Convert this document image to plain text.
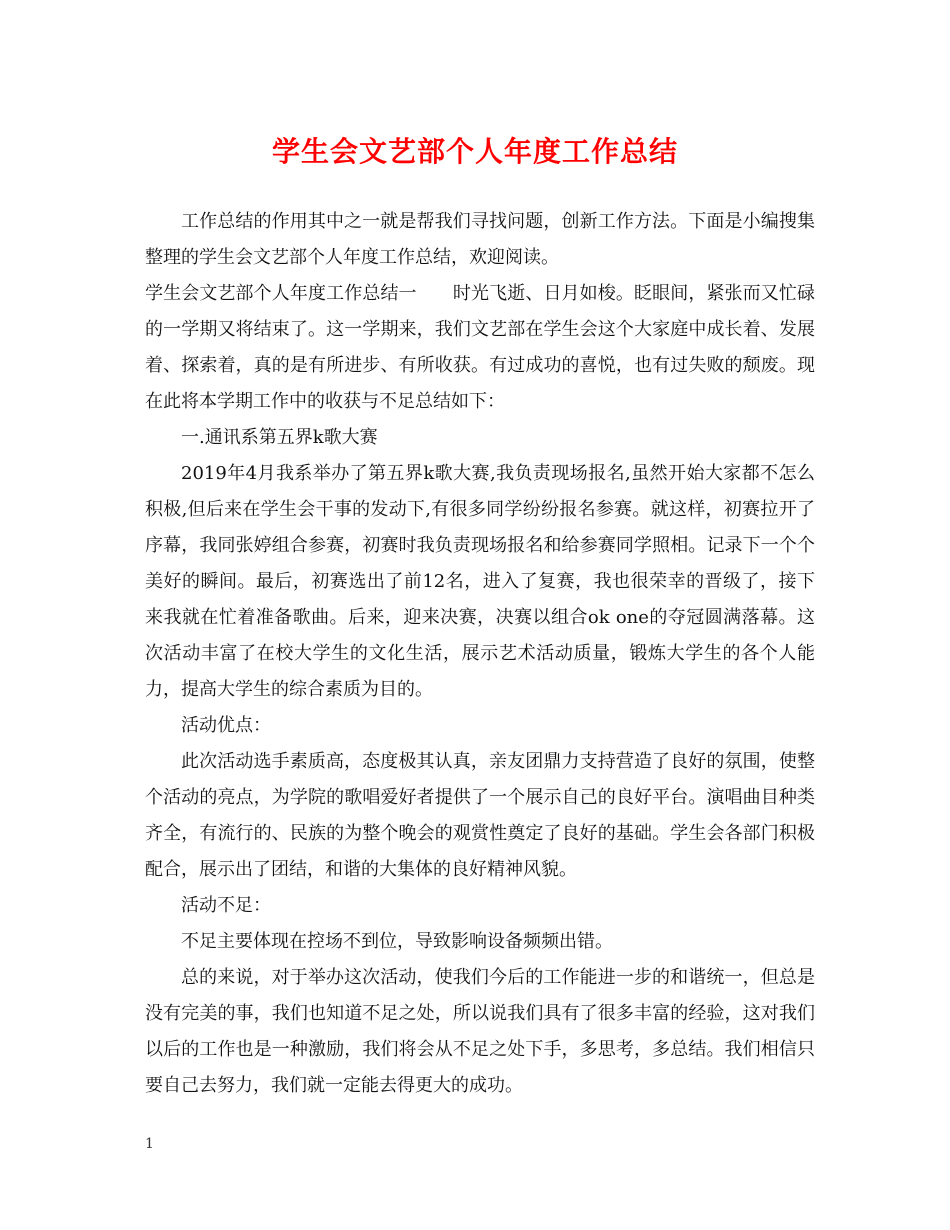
学生会文艺部个人年度工作总结

工作总结的作用其中之一就是帮我们寻找问题，创新工作方法。下面是小编搜集整理的学生会文艺部个人年度工作总结，欢迎阅读。

学生会文艺部个人年度工作总结一　　时光飞逝、日月如梭。眨眼间，紧张而又忙碌的一学期又将结束了。这一学期来，我们文艺部在学生会这个大家庭中成长着、发展着、探索着，真的是有所进步、有所收获。有过成功的喜悦，也有过失败的颓废。现在此将本学期工作中的收获与不足总结如下：

一.通讯系第五界k歌大赛

2019年4月我系举办了第五界k歌大赛,我负责现场报名,虽然开始大家都不怎么积极,但后来在学生会干事的发动下,有很多同学纷纷报名参赛。就这样，初赛拉开了序幕，我同张婷组合参赛，初赛时我负责现场报名和给参赛同学照相。记录下一个个美好的瞬间。最后，初赛选出了前12名，进入了复赛，我也很荣幸的晋级了，接下来我就在忙着准备歌曲。后来，迎来决赛，决赛以组合ok one的夺冠圆满落幕。这次活动丰富了在校大学生的文化生活，展示艺术活动质量，锻炼大学生的各个人能力，提高大学生的综合素质为目的。

活动优点：

此次活动选手素质高，态度极其认真，亲友团鼎力支持营造了良好的氛围，使整个活动的亮点，为学院的歌唱爱好者提供了一个展示自己的良好平台。演唱曲目种类齐全，有流行的、民族的为整个晚会的观赏性奠定了良好的基础。学生会各部门积极配合，展示出了团结，和谐的大集体的良好精神风貌。

活动不足：

不足主要体现在控场不到位，导致影响设备频频出错。

总的来说，对于举办这次活动，使我们今后的工作能进一步的和谐统一，但总是没有完美的事，我们也知道不足之处，所以说我们具有了很多丰富的经验，这对我们以后的工作也是一种激励，我们将会从不足之处下手，多思考，多总结。我们相信只要自己去努力，我们就一定能去得更大的成功。

1
